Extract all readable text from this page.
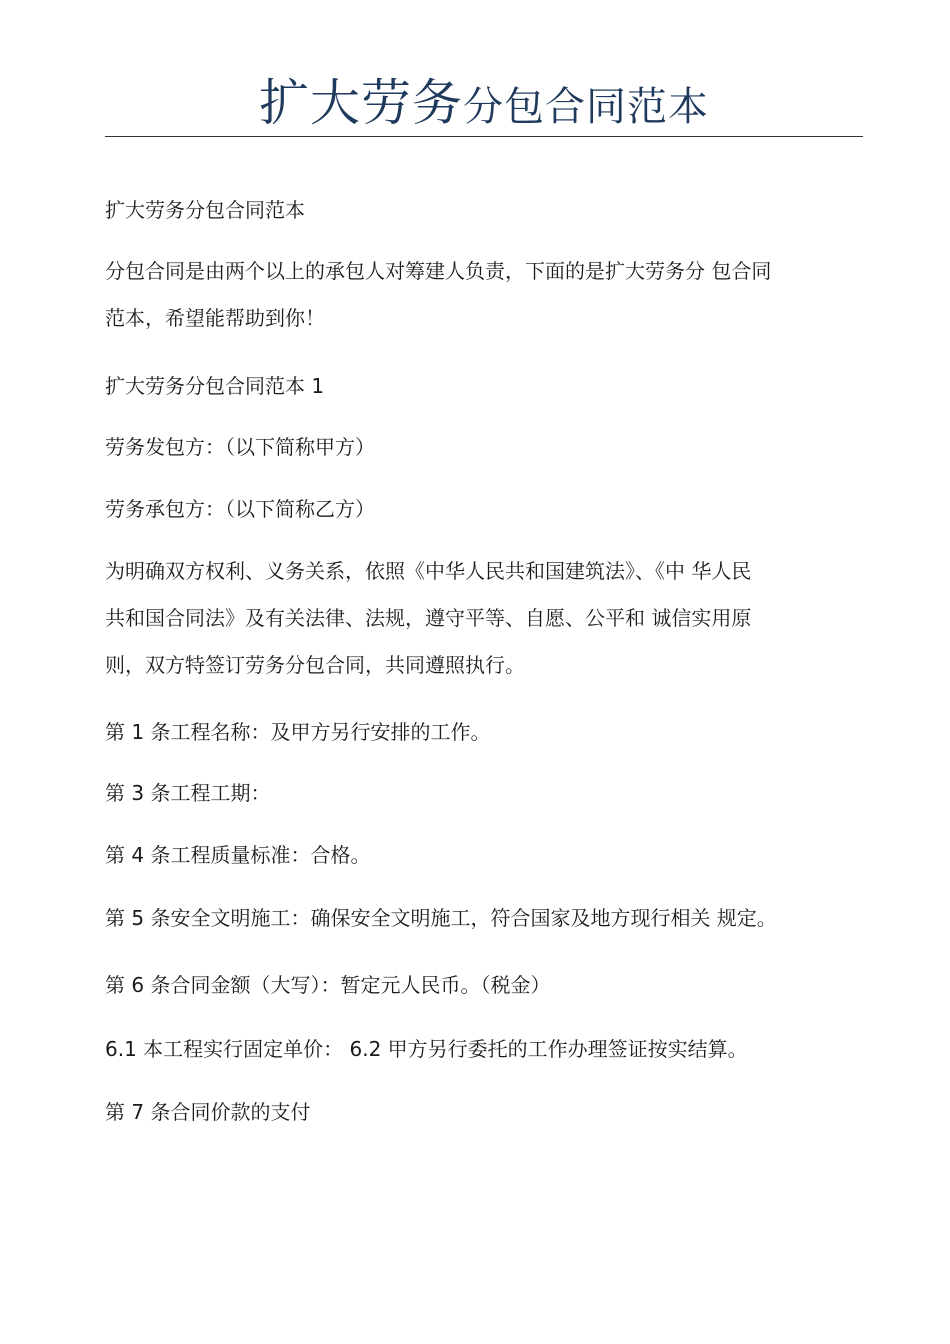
扩大劳务分包合同范本

扩大劳务分包合同范本

分包合同是由两个以上的承包人对筹建人负责，下面的是扩大劳务分 包合同
范本，希望能帮助到你！

扩大劳务分包合同范本 1

劳务发包方：（以下简称甲方）

劳务承包方：（以下简称乙方）

为明确双方权利、义务关系，依照《中华人民共和国建筑法》、《中 华人民
共和国合同法》及有关法律、法规，遵守平等、自愿、公平和 诚信实用原
则，双方特签订劳务分包合同，共同遵照执行。

第 1 条工程名称：及甲方另行安排的工作。

第 3 条工程工期：

第 4 条工程质量标准：合格。

第 5 条安全文明施工：确保安全文明施工，符合国家及地方现行相关 规定。

第 6 条合同金额（大写）：暂定元人民币。（税金）

6.1 本工程实行固定单价： 6.2 甲方另行委托的工作办理签证按实结算。

第 7 条合同价款的支付
